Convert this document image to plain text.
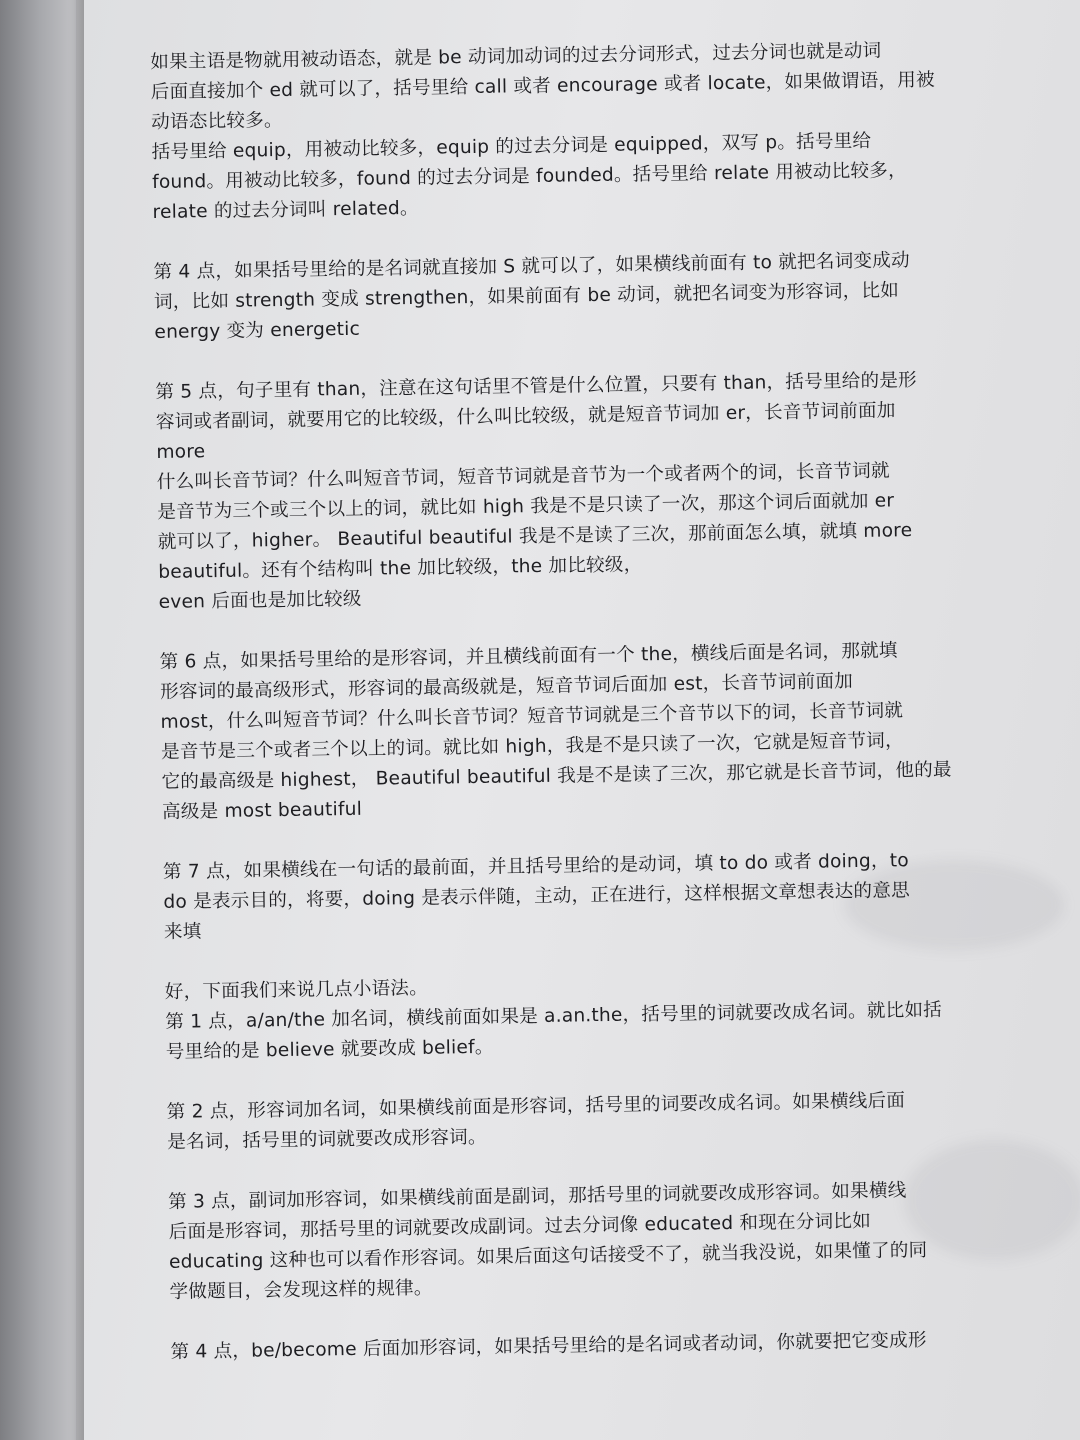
如果主语是物就用被动语态，就是 be 动词加动词的过去分词形式，过去分词也就是动词
后面直接加个 ed 就可以了，括号里给 call 或者 encourage 或者 locate，如果做谓语，用被
动语态比较多。
括号里给 equip，用被动比较多，equip 的过去分词是 equipped，双写 p。括号里给
found。用被动比较多，found 的过去分词是 founded。括号里给 relate 用被动比较多，
relate 的过去分词叫 related。

第 4 点，如果括号里给的是名词就直接加 S 就可以了，如果横线前面有 to 就把名词变成动
词，比如 strength 变成 strengthen，如果前面有 be 动词，就把名词变为形容词，比如
energy 变为 energetic

第 5 点，句子里有 than，注意在这句话里不管是什么位置，只要有 than，括号里给的是形
容词或者副词，就要用它的比较级，什么叫比较级，就是短音节词加 er，长音节词前面加
more
什么叫长音节词？什么叫短音节词，短音节词就是音节为一个或者两个的词，长音节词就
是音节为三个或三个以上的词，就比如 high 我是不是只读了一次，那这个词后面就加 er
就可以了，higher。 Beautiful beautiful 我是不是读了三次，那前面怎么填，就填 more
beautiful。还有个结构叫 the 加比较级，the 加比较级，
even 后面也是加比较级

第 6 点，如果括号里给的是形容词，并且横线前面有一个 the，横线后面是名词，那就填
形容词的最高级形式，形容词的最高级就是，短音节词后面加 est，长音节词前面加
most，什么叫短音节词？什么叫长音节词？短音节词就是三个音节以下的词，长音节词就
是音节是三个或者三个以上的词。就比如 high，我是不是只读了一次，它就是短音节词，
它的最高级是 highest， Beautiful beautiful 我是不是读了三次，那它就是长音节词，他的最
高级是 most beautiful

第 7 点，如果横线在一句话的最前面，并且括号里给的是动词，填 to do 或者 doing，to
do 是表示目的，将要，doing 是表示伴随，主动，正在进行，这样根据文章想表达的意思
来填

好，下面我们来说几点小语法。
第 1 点，a/an/the 加名词，横线前面如果是 a.an.the，括号里的词就要改成名词。就比如括
号里给的是 believe 就要改成 belief。

第 2 点，形容词加名词，如果横线前面是形容词，括号里的词要改成名词。如果横线后面
是名词，括号里的词就要改成形容词。

第 3 点，副词加形容词，如果横线前面是副词，那括号里的词就要改成形容词。如果横线
后面是形容词，那括号里的词就要改成副词。过去分词像 educated 和现在分词比如
educating 这种也可以看作形容词。如果后面这句话接受不了，就当我没说，如果懂了的同
学做题目，会发现这样的规律。

第 4 点，be/become 后面加形容词，如果括号里给的是名词或者动词，你就要把它变成形
